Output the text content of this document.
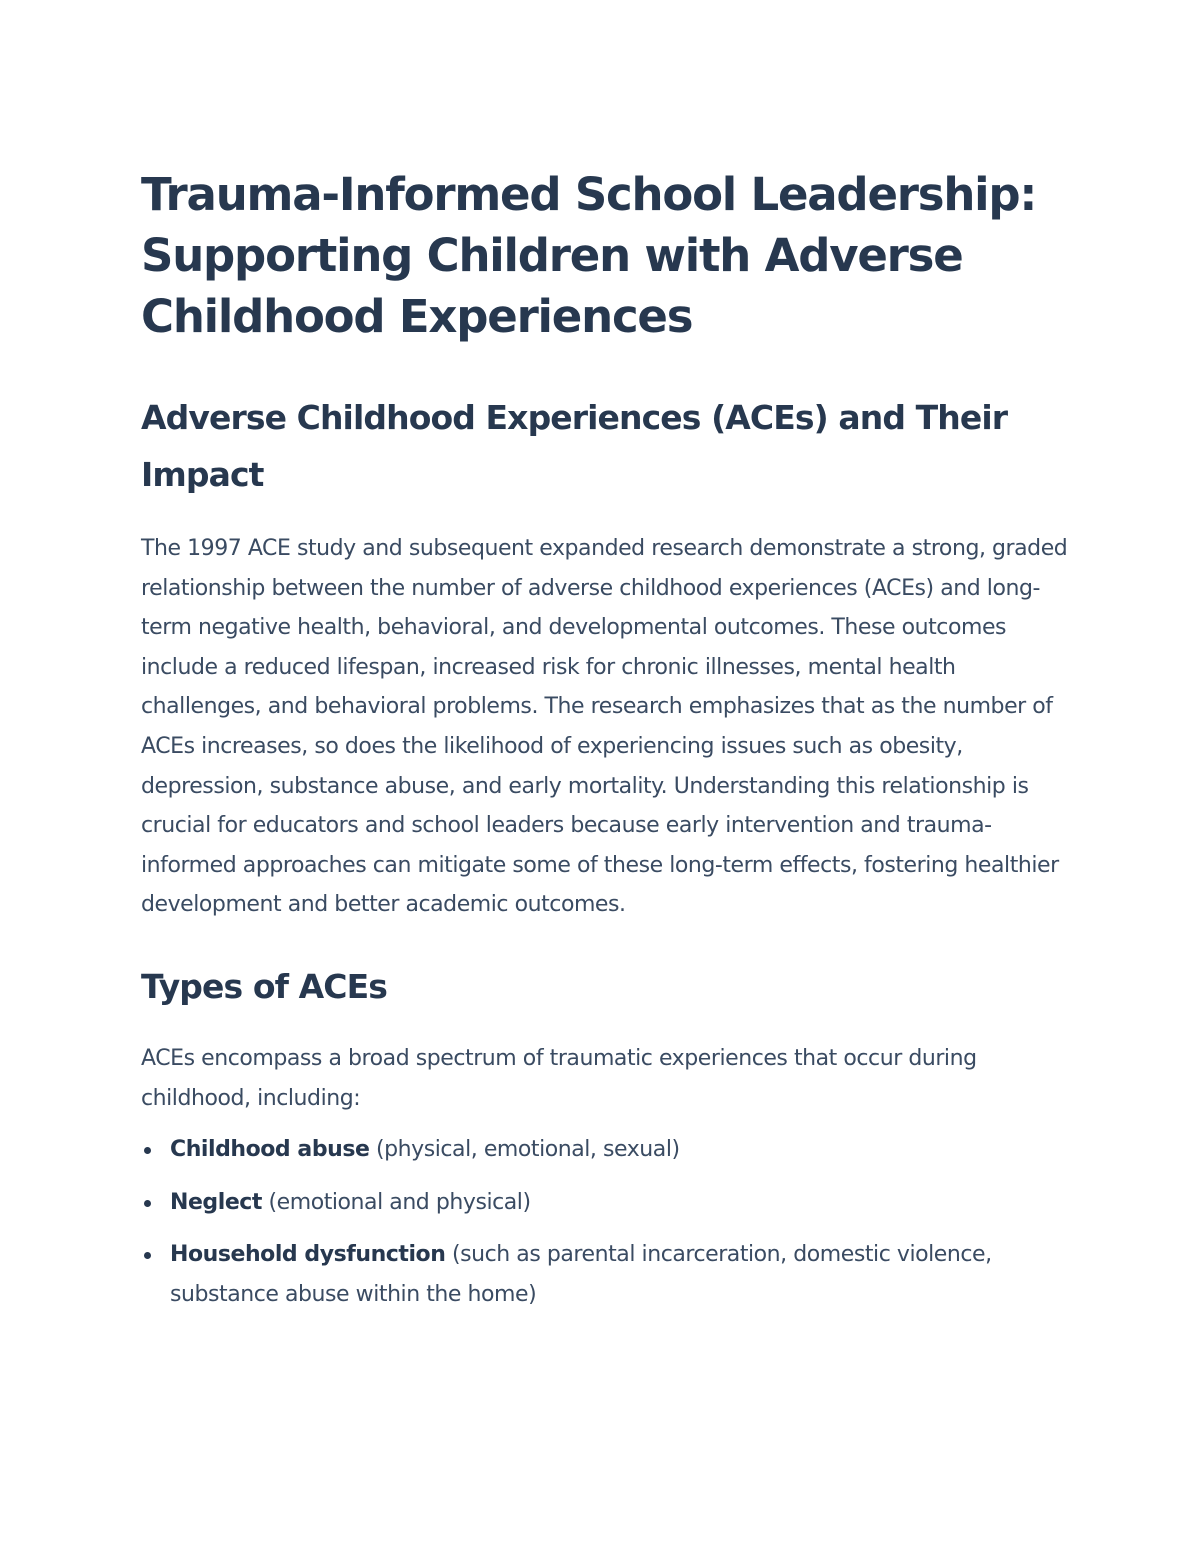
Trauma-Informed School Leadership: Supporting Children with Adverse Childhood Experiences
Adverse Childhood Experiences (ACEs) and Their Impact

The 1997 ACE study and subsequent expanded research demonstrate a strong, graded relationship between the number of adverse childhood experiences (ACEs) and long-term negative health, behavioral, and developmental outcomes. These outcomes include a reduced lifespan, increased risk for chronic illnesses, mental health challenges, and behavioral problems. The research emphasizes that as the number of ACEs increases, so does the likelihood of experiencing issues such as obesity, depression, substance abuse, and early mortality. Understanding this relationship is crucial for educators and school leaders because early intervention and trauma-informed approaches can mitigate some of these long-term effects, fostering healthier development and better academic outcomes.

Types of ACEs

ACEs encompass a broad spectrum of traumatic experiences that occur during childhood, including:

Childhood abuse (physical, emotional, sexual)
Neglect (emotional and physical)
Household dysfunction (such as parental incarceration, domestic violence, substance abuse within the home)
